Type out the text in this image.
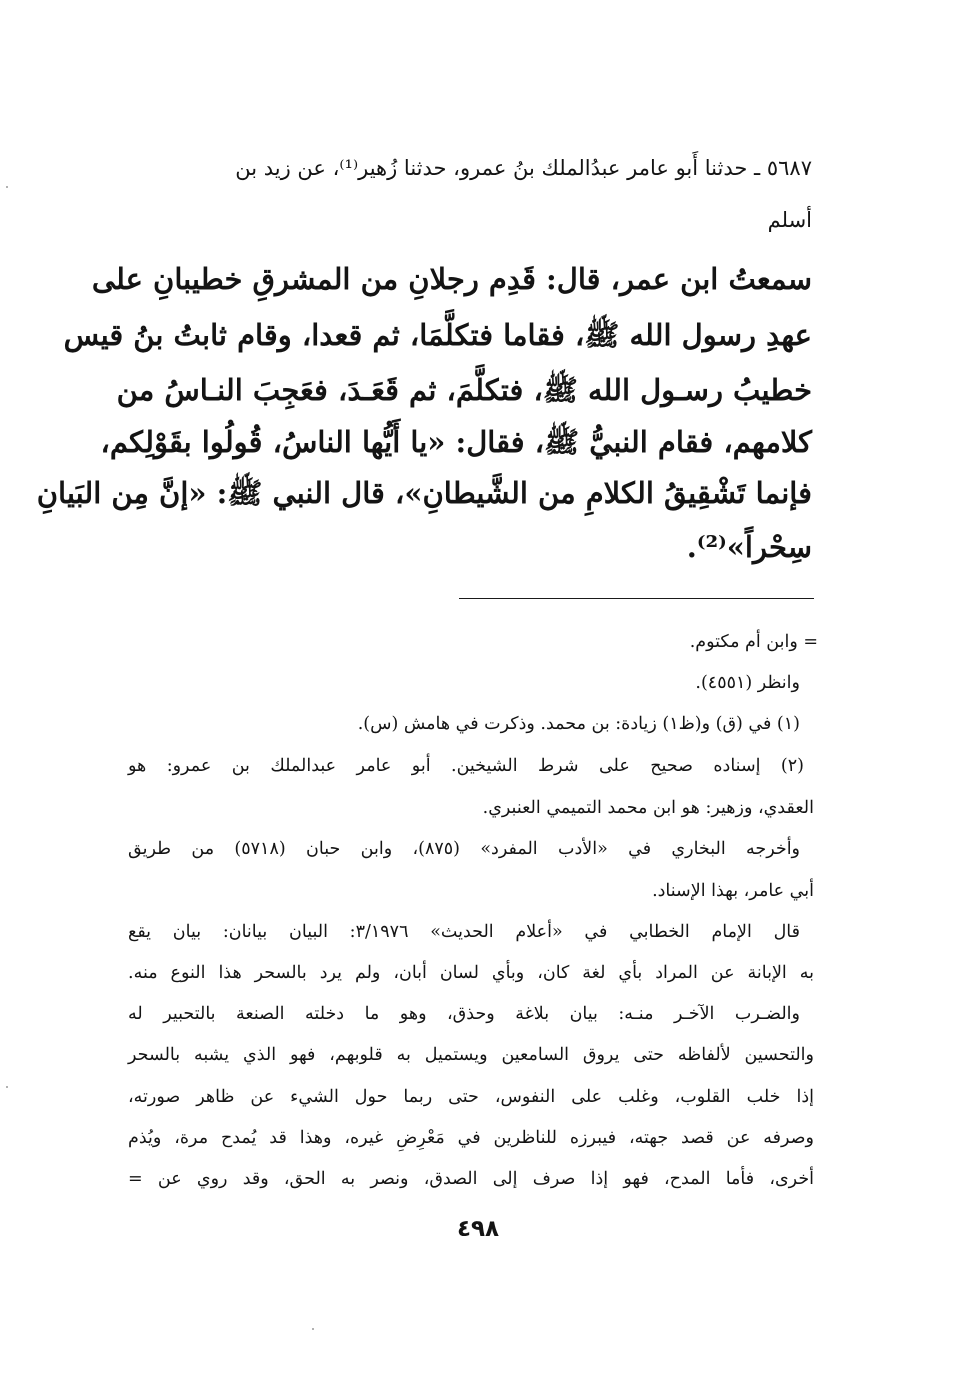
٥٦٨٧ ـ حدثنا أَبو عامر عبدُالملك بنُ عمرو، حدثنا زُهير⁽¹⁾، عن زيد بن
أسلم
سمعتُ ابن عمر، قال: قَدِم رجلانِ من المشرقِ خطيبانِ على
عهدِ رسول الله ﷺ، فقاما فتكلَّمَا، ثم قعدا، وقام ثابتُ بنُ قيس
خطيبُ رسـول الله ﷺ، فتكلَّمَ، ثم قَعَـدَ، فعَجِبَ النـاسُ من
كلامهم، فقام النبيُّ ﷺ، فقال: «يا أَيُّها الناسُ، قُولُوا بقَوْلِكم،
فإنما تَشْقِيقُ الكلامِ من الشَّيطانِ»، قال النبي ﷺ: «إنَّ مِن البَيانِ
سِحْراً»⁽²⁾.
= وابن أم مكتوم.
وانظر (٤٥٥١).
(١) في (ق) و(ظ١) زيادة: بن محمد. وذكرت في هامش (س).
(٢) إسناده صحيح على شرط الشيخين. أبو عامر عبدالملك بن عمرو: هو
العقدي، وزهير: هو ابن محمد التميمي العنبري.
وأخرجه البخاري في «الأدب المفرد» (٨٧٥)، وابن حبان (٥٧١٨) من طريق
أبي عامر، بهذا الإسناد.
قال الإمام الخطابي في «أعلام الحديث» ٣/١٩٧٦: البيان بيانان: بيان يقع
به الإبانة عن المراد بأي لغة كان، وبأي لسان أبان، ولم يرد بالسحر هذا النوع منه.
والضـرب الآخـر منـه: بيان بلاغة وحذق، وهو ما دخلته الصنعة بالتحبير له
والتحسين لألفاظه حتى يروق السامعين ويستميل به قلوبهم، فهو الذي يشبه بالسحر
إذا خلب القلوب، وغلب على النفوس، حتى ربما حول الشيء عن ظاهر صورته،
وصرفه عن قصد جهته، فيبرزه للناظرين في مَعْرِضِ غيره، وهذا قد يُمدح مرة، ويُذم
أخرى، فأما المدح، فهو إذا صرف إلى الصدق، ونصر به الحق، وقد روي عن =
٤٩٨
